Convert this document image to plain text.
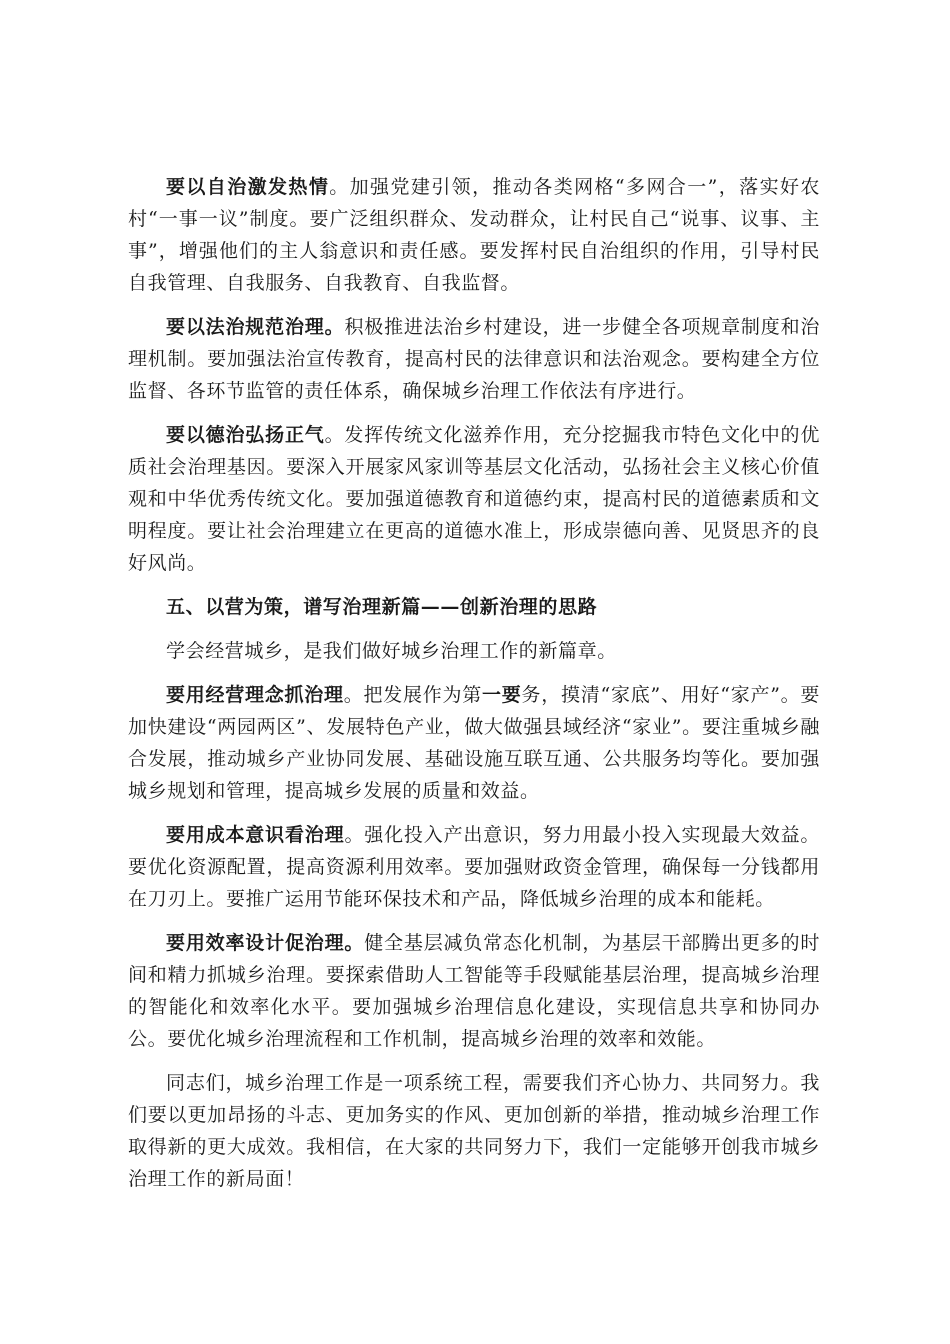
要以自治激发热情。加强党建引领，推动各类网格“多网合一”，落实好农村“一事一议”制度。要广泛组织群众、发动群众，让村民自己“说事、议事、主事”，增强他们的主人翁意识和责任感。要发挥村民自治组织的作用，引导村民自我管理、自我服务、自我教育、自我监督。

要以法治规范治理。积极推进法治乡村建设，进一步健全各项规章制度和治理机制。要加强法治宣传教育，提高村民的法律意识和法治观念。要构建全方位监督、各环节监管的责任体系，确保城乡治理工作依法有序进行。

要以德治弘扬正气。发挥传统文化滋养作用，充分挖掘我市特色文化中的优质社会治理基因。要深入开展家风家训等基层文化活动，弘扬社会主义核心价值观和中华优秀传统文化。要加强道德教育和道德约束，提高村民的道德素质和文明程度。要让社会治理建立在更高的道德水准上，形成崇德向善、见贤思齐的良好风尚。

五、以营为策，谱写治理新篇——创新治理的思路

学会经营城乡，是我们做好城乡治理工作的新篇章。

要用经营理念抓治理。把发展作为第一要务，摸清“家底”、用好“家产”。要加快建设“两园两区”、发展特色产业，做大做强县域经济“家业”。要注重城乡融合发展，推动城乡产业协同发展、基础设施互联互通、公共服务均等化。要加强城乡规划和管理，提高城乡发展的质量和效益。

要用成本意识看治理。强化投入产出意识，努力用最小投入实现最大效益。要优化资源配置，提高资源利用效率。要加强财政资金管理，确保每一分钱都用在刀刃上。要推广运用节能环保技术和产品，降低城乡治理的成本和能耗。

要用效率设计促治理。健全基层减负常态化机制，为基层干部腾出更多的时间和精力抓城乡治理。要探索借助人工智能等手段赋能基层治理，提高城乡治理的智能化和效率化水平。要加强城乡治理信息化建设，实现信息共享和协同办公。要优化城乡治理流程和工作机制，提高城乡治理的效率和效能。

同志们，城乡治理工作是一项系统工程，需要我们齐心协力、共同努力。我们要以更加昂扬的斗志、更加务实的作风、更加创新的举措，推动城乡治理工作取得新的更大成效。我相信，在大家的共同努力下，我们一定能够开创我市城乡治理工作的新局面！
